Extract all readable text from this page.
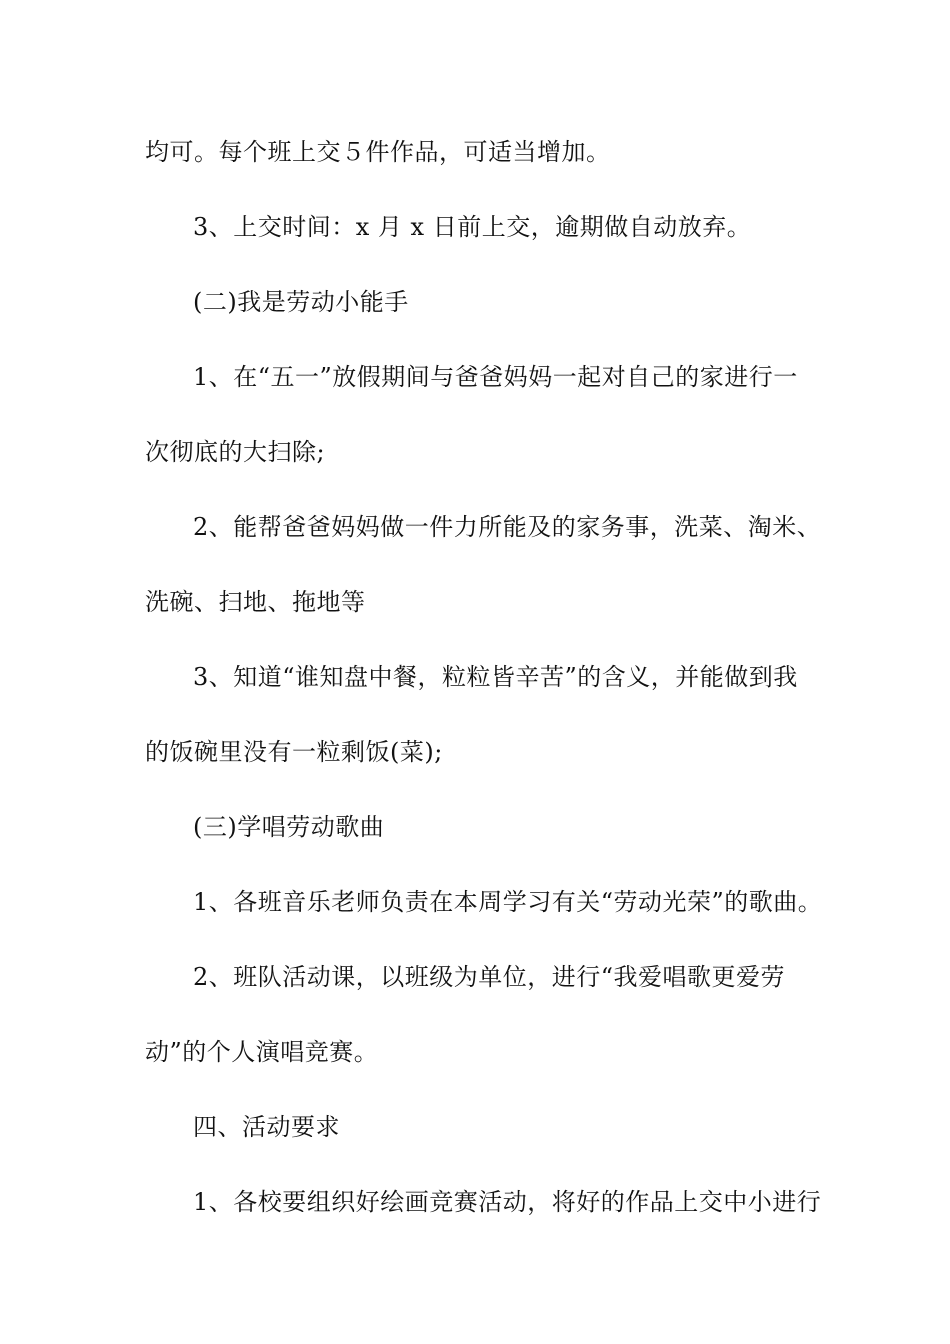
均可。每个班上交５件作品，可适当增加。
3、上交时间：x 月 x 日前上交，逾期做自动放弃。
(二)我是劳动小能手
1、在“五一”放假期间与爸爸妈妈一起对自己的家进行一
次彻底的大扫除;
2、能帮爸爸妈妈做一件力所能及的家务事，洗菜、淘米、
洗碗、扫地、拖地等
3、知道“谁知盘中餐，粒粒皆辛苦”的含义，并能做到我
的饭碗里没有一粒剩饭(菜);
(三)学唱劳动歌曲
1、各班音乐老师负责在本周学习有关“劳动光荣”的歌曲。
2、班队活动课，以班级为单位，进行“我爱唱歌更爱劳
动”的个人演唱竞赛。
四、活动要求
1、各校要组织好绘画竞赛活动，将好的作品上交中小进行
